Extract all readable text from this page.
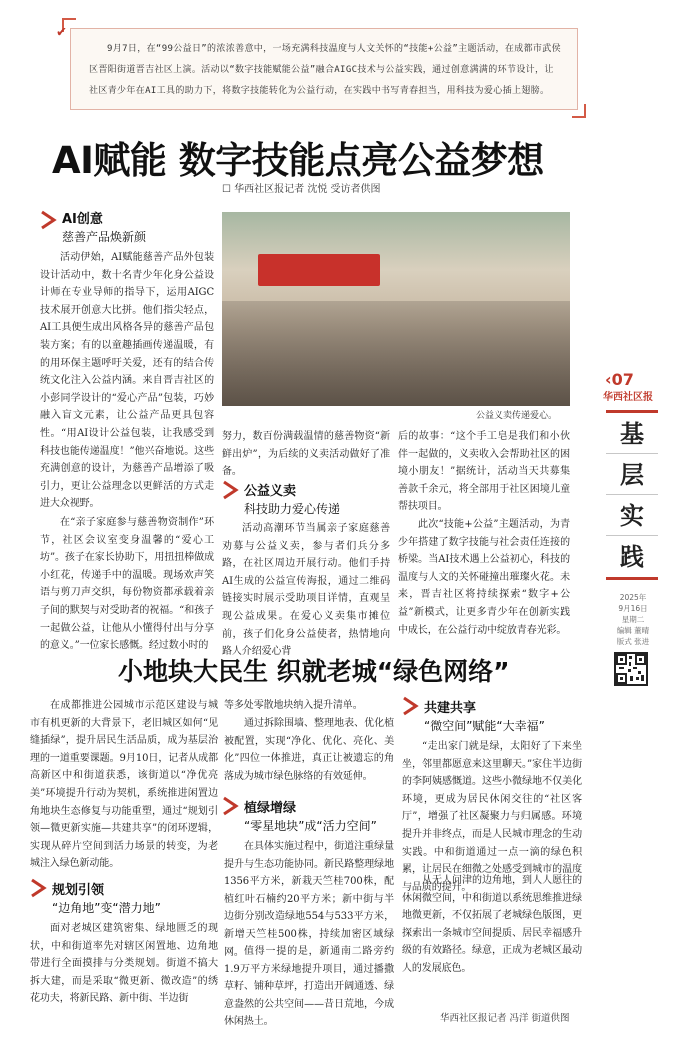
✔
9月7日，在“99公益日”的浓浓善意中，一场充满科技温度与人文关怀的“技能+公益”主题活动，在成都市武侯区晋阳街道晋吉社区上演。活动以“数字技能赋能公益”融合AIGC技术与公益实践，通过创意满满的环节设计，让社区青少年在AI工具的助力下，将数字技能转化为公益行动，在实践中书写青春担当，用科技为爱心插上翅膀。
AI赋能 数字技能点亮公益梦想
☐ 华西社区报记者 沈悦 受访者供图
AI创意
慈善产品焕新颜

活动伊始，AI赋能慈善产品外包装设计活动中，数十名青少年化身公益设计师在专业导师的指导下，运用AIGC技术展开创意大比拼。他们指尖轻点，AI工具便生成出风格各异的慈善产品包装方案；有的以童趣插画传递温暖，有的用环保主题呼吁关爱，还有的结合传统文化注入公益内涵。来自晋吉社区的小彭同学设计的“爱心产品”包装，巧妙融入盲文元素，让公益产品更具包容性。“用AI设计公益包装，让我感受到科技也能传递温度！”他兴奋地说。这些充满创意的设计，为慈善产品增添了吸引力，更让公益理念以更鲜活的方式走进大众视野。

在“亲子家庭参与慈善物资制作”环节，社区会议室变身温馨的“爱心工坊”。孩子在家长协助下，用扭扭棒做成小红花，传递手中的温暖。现场欢声笑语与剪刀声交织，每份物资都承载着亲子间的默契与对受助者的祝福。“和孩子一起做公益，让他从小懂得付出与分享的意义。”一位家长感慨。经过数小时的

公益义卖传递爱心。

努力，数百份满载温情的慈善物资“新鲜出炉”，为后续的义卖活动做好了准备。

公益义卖
科技助力爱心传递

活动高潮环节当属亲子家庭慈善劝募与公益义卖，参与者们兵分多路，在社区周边开展行动。他们手持AI生成的公益宣传海报，通过二维码链接实时展示受助项目详情，直观呈现公益成果。在爱心义卖集市摊位前，孩子们化身公益使者，热情地向路人介绍爱心背

后的故事：“这个手工皂是我们和小伙伴一起做的，义卖收入会帮助社区的困境小朋友！”据统计，活动当天共募集善款千余元，将全部用于社区困境儿童帮扶项目。

此次“技能+公益”主题活动，为青少年搭建了数字技能与社会责任连接的桥梁。当AI技术遇上公益初心，科技的温度与人文的关怀碰撞出璀璨火花。未来，晋吉社区将持续探索“数字+公益”新模式，让更多青少年在创新实践中成长，在公益行动中绽放青春光彩。

‹07
华西社区报
基
层
实
践
2025年
9月16日
星期二
编辑 董晴
版式 张进
小地块大民生 织就老城“绿色网络”

在成都推进公园城市示范区建设与城市有机更新的大背景下，老旧城区如何“见缝插绿”，提升居民生活品质，成为基层治理的一道重要课题。9月10日，记者从成都高新区中和街道获悉，该街道以“净优亮美”环境提升行动为契机，系统推进闲置边角地块生态修复与功能重塑，通过“规划引领—微更新实施—共建共享”的闭环逻辑，实现从碎片空间到活力场景的转变，为老城注入绿色新动能。

规划引领
“边角地”变“潜力地”

面对老城区建筑密集、绿地匮乏的现状，中和街道率先对辖区闲置地、边角地带进行全面摸排与分类规划。街道不搞大拆大建，而是采取“微更新、微改造”的绣花功夫，将新民路、新中街、半边街

等多处零散地块纳入提升清单。

通过拆除围墙、整理地表、优化植被配置，实现“净化、优化、亮化、美化”四位一体推进，真正让被遗忘的角落成为城市绿色脉络的有效延伸。

植绿增绿
“零星地块”成“活力空间”

在具体实施过程中，街道注重绿量提升与生态功能协同。新民路整理绿地1356平方米，新栽天竺桂700株，配植红叶石楠约20平方米；新中街与半边街分别改造绿地554与533平方米，新增天竺桂500株，持续加密区域绿网。 值得一提的是，新通南二路旁约1.9万平方米绿地提升项目，通过播撒草籽、铺种草坪，打造出开阔通透、绿意盎然的公共空间——昔日荒地，今成休闲热土。

共建共享
“微空间”赋能“大幸福”

“走出家门就是绿，太阳好了下来坐坐，邻里都愿意来这里聊天。”家住半边街的李阿姨感慨道。这些小微绿地不仅美化环境，更成为居民休闲交往的“社区客厅”，增强了社区凝聚力与归属感。环境提升并非终点，而是人民城市理念的生动实践。中和街道通过一点一滴的绿色积累，让居民在细微之处感受到城市的温度与品质的提升。

从无人问津的边角地，到人人愿往的休闲微空间，中和街道以系统思维推进绿地微更新，不仅拓展了老城绿色版图，更探索出一条城市空间提质、居民幸福感升级的有效路径。绿意，正成为老城区最动人的发展底色。

华西社区报记者 冯洋 街道供图
